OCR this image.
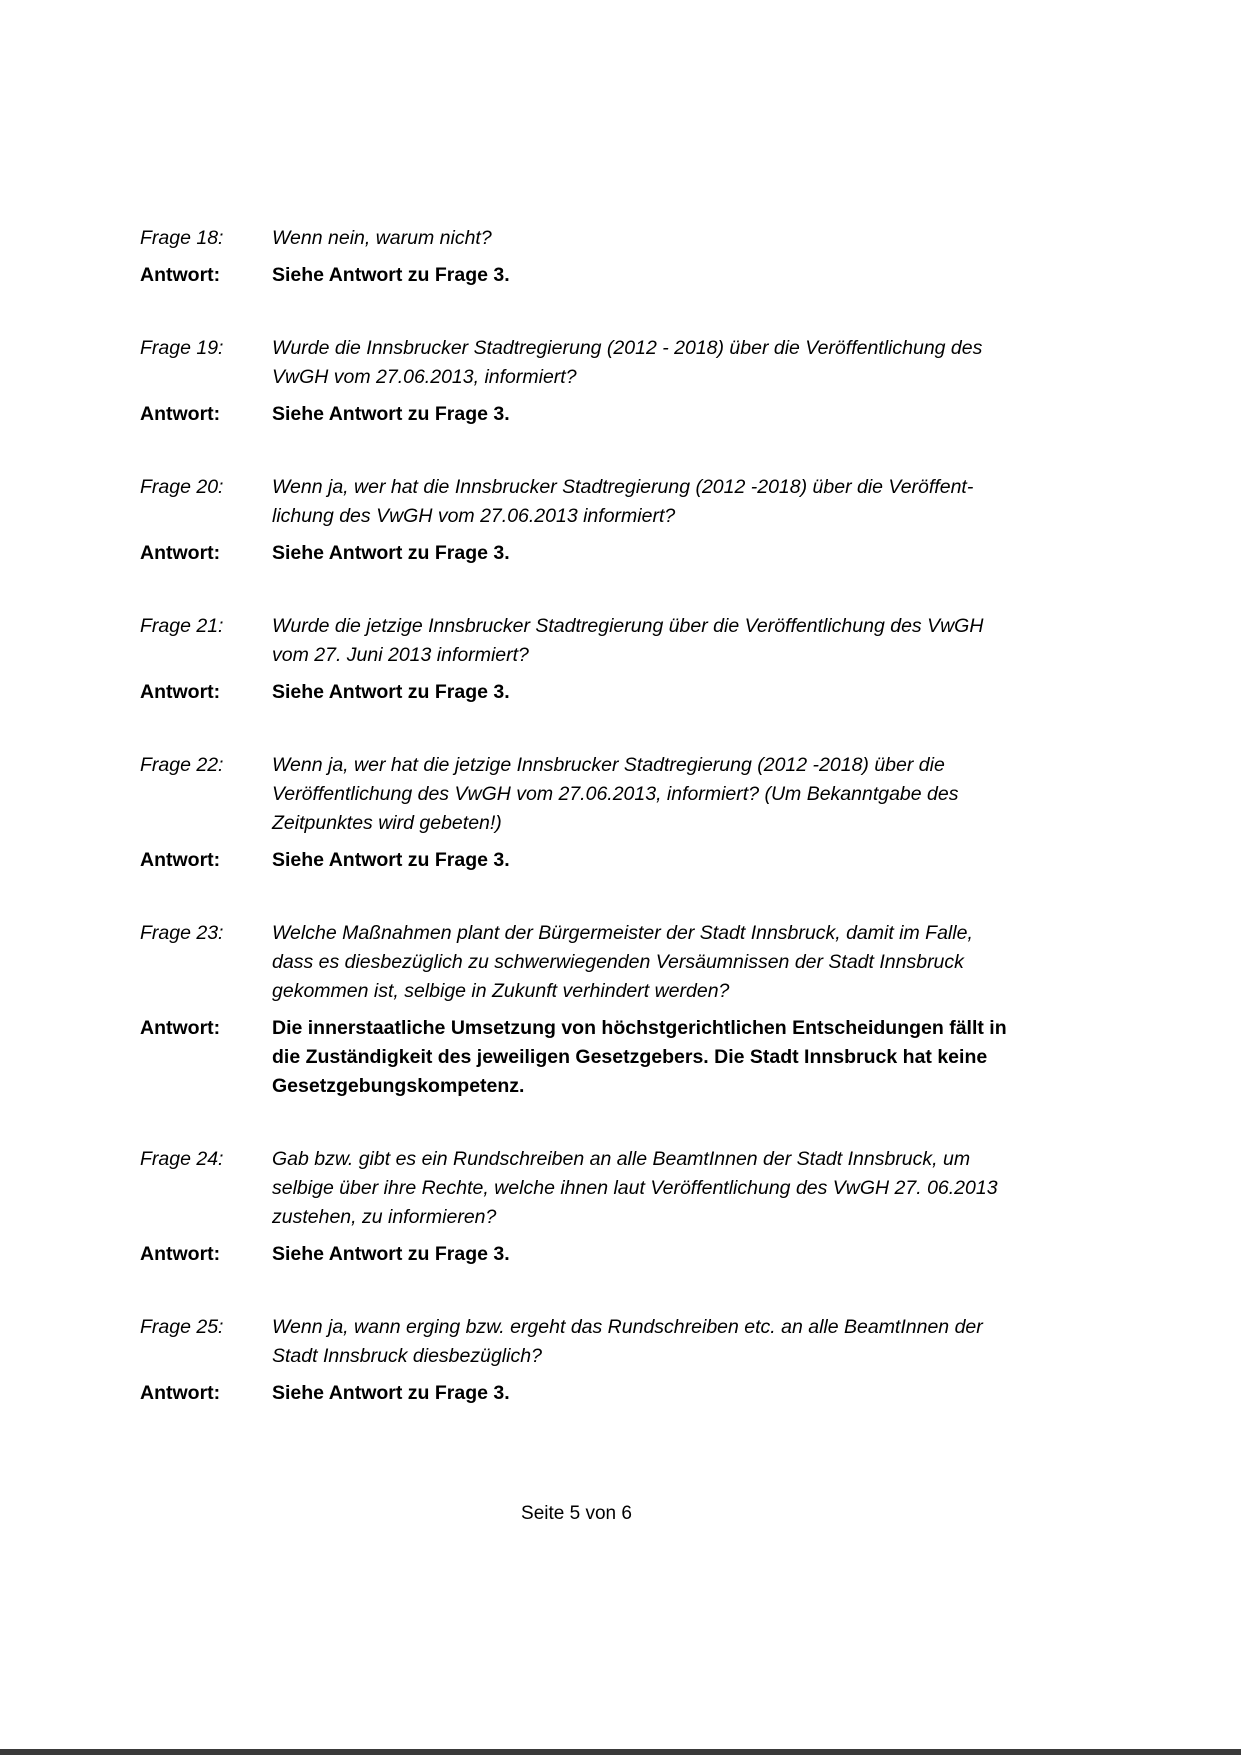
Frage 18:	Wenn nein, warum nicht?
Antwort:	Siehe Antwort zu Frage 3.
Frage 19:	Wurde die Innsbrucker Stadtregierung (2012 - 2018) über die Veröffentlichung des VwGH vom 27.06.2013, informiert?
Antwort:	Siehe Antwort zu Frage 3.
Frage 20:	Wenn ja, wer hat die Innsbrucker Stadtregierung (2012 -2018) über die Veröffent-lichung des VwGH vom 27.06.2013 informiert?
Antwort:	Siehe Antwort zu Frage 3.
Frage 21:	Wurde die jetzige Innsbrucker Stadtregierung über die Veröffentlichung des VwGH vom 27. Juni 2013 informiert?
Antwort:	Siehe Antwort zu Frage 3.
Frage 22:	Wenn ja, wer hat die jetzige Innsbrucker Stadtregierung (2012 -2018) über die Veröffentlichung des VwGH vom 27.06.2013, informiert? (Um Bekanntgabe des Zeitpunktes wird gebeten!)
Antwort:	Siehe Antwort zu Frage 3.
Frage 23:	Welche Maßnahmen plant der Bürgermeister der Stadt Innsbruck, damit im Falle, dass es diesbezüglich zu schwerwiegenden Versäumnissen der Stadt Innsbruck gekommen ist, selbige in Zukunft verhindert werden?
Antwort:	Die innerstaatliche Umsetzung von höchstgerichtlichen Entscheidungen fällt in die Zuständigkeit des jeweiligen Gesetzgebers. Die Stadt Innsbruck hat keine Gesetzgebungskompetenz.
Frage 24:	Gab bzw. gibt es ein Rundschreiben an alle BeamtInnen der Stadt Innsbruck, um selbige über ihre Rechte, welche ihnen laut Veröffentlichung des VwGH 27. 06.2013 zustehen, zu informieren?
Antwort:	Siehe Antwort zu Frage 3.
Frage 25:	Wenn ja, wann erging bzw. ergeht das Rundschreiben etc. an alle BeamtInnen der Stadt Innsbruck diesbezüglich?
Antwort:	Siehe Antwort zu Frage 3.
Seite 5 von 6
